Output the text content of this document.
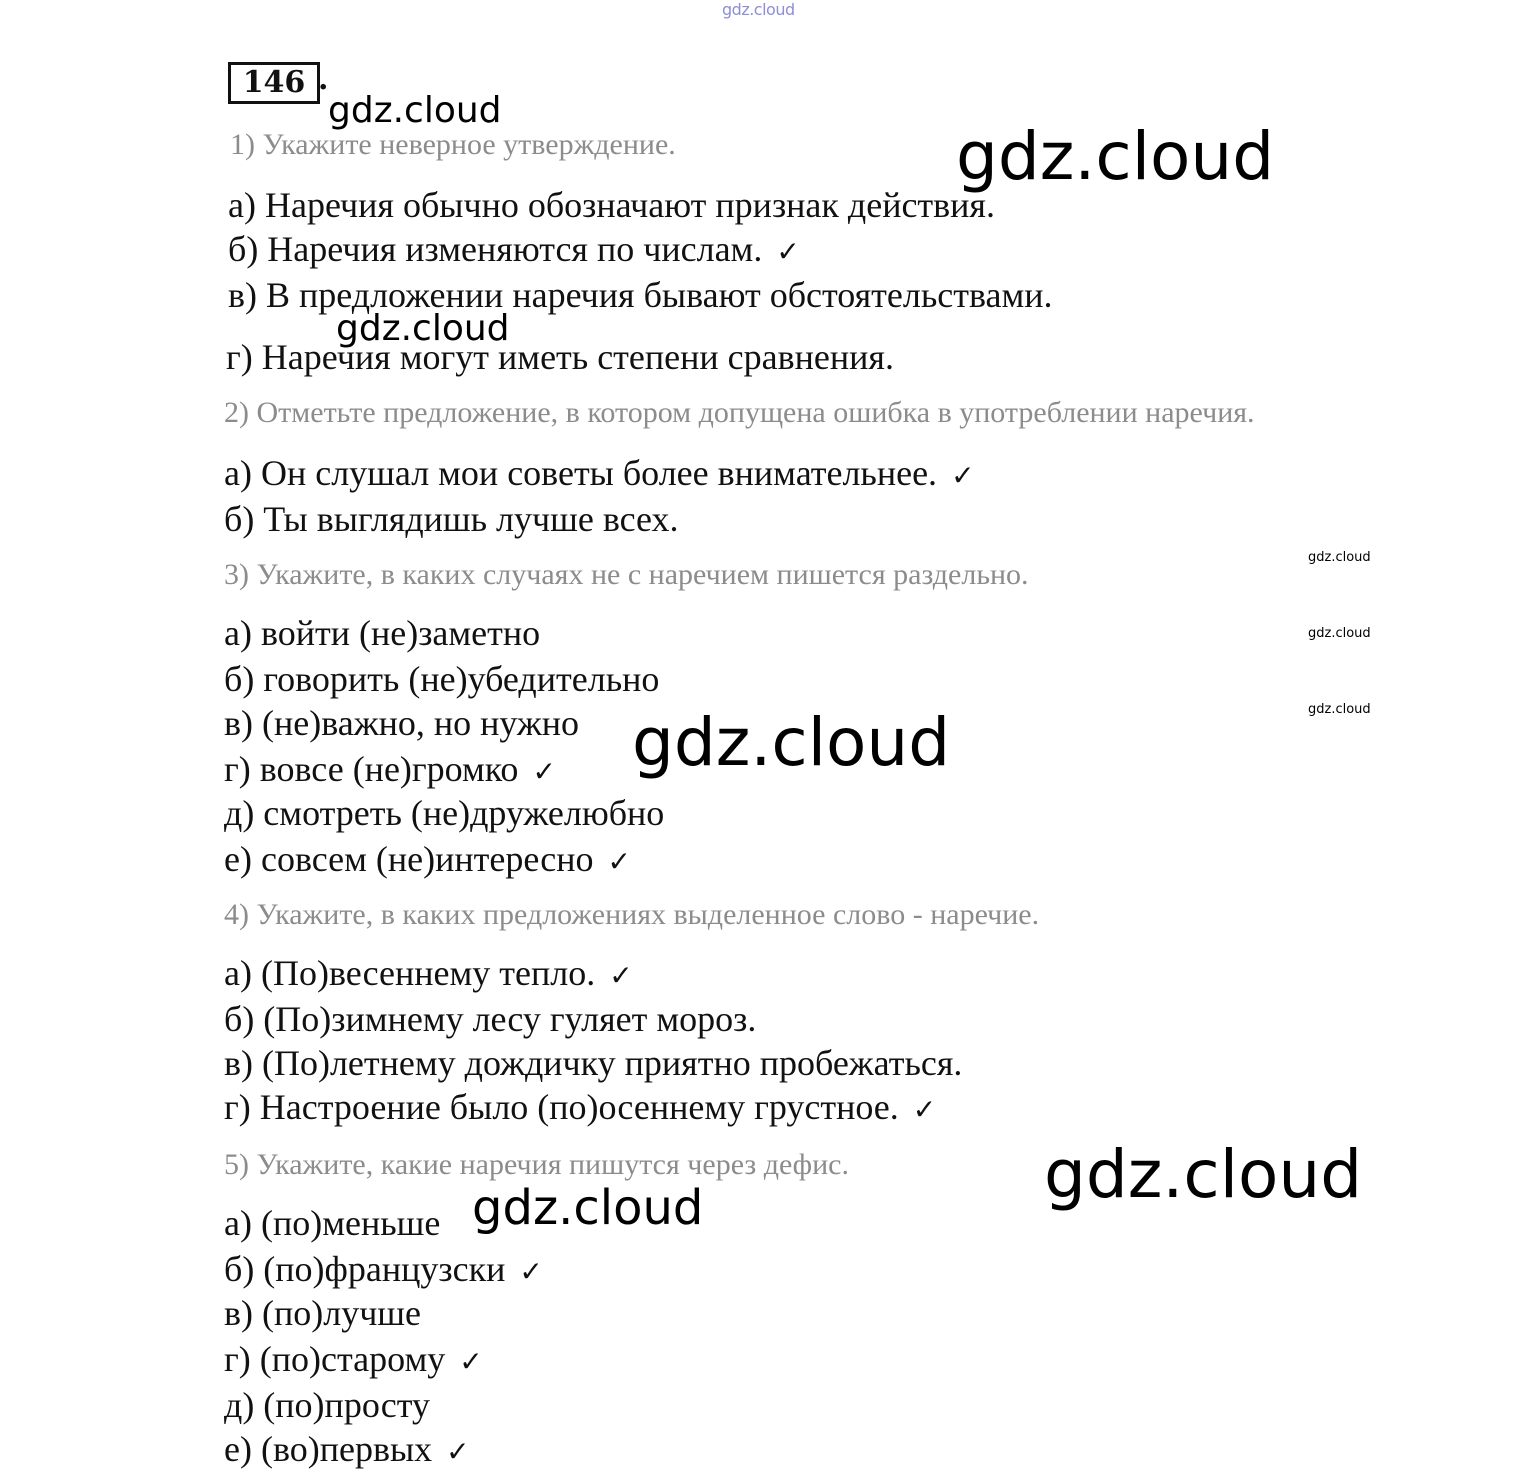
gdz.cloud
146 .
1) Укажите неверное утверждение.
а) Наречия обычно обозначают признак действия.
б) Наречия изменяются по числам. ✓
в) В предложении наречия бывают обстоятельствами.
г) Наречия могут иметь степени сравнения.
2) Отметьте предложение, в котором допущена ошибка в употреблении наречия.
а) Он слушал мои советы более внимательнее. ✓
б) Ты выглядишь лучше всех.
3) Укажите, в каких случаях не с наречием пишется раздельно.
а) войти (не)заметно
б) говорить (не)убедительно
в) (не)важно, но нужно
г) вовсе (не)громко ✓
д) смотреть (не)дружелюбно
е) совсем (не)интересно ✓
4) Укажите, в каких предложениях выделенное слово - наречие.
а) (По)весеннему тепло. ✓
б) (По)зимнему лесу гуляет мороз.
в) (По)летнему дождичку приятно пробежаться.
г) Настроение было (по)осеннему грустное. ✓
5) Укажите, какие наречия пишутся через дефис.
а) (по)меньше
б) (по)французски ✓
в) (по)лучше
г) (по)старому ✓
д) (по)просту
е) (во)первых ✓
gdz.cloud
gdz.cloud
gdz.cloud
gdz.cloud
gdz.cloud
gdz.cloud
gdz.cloud
gdz.cloud
gdz.cloud
